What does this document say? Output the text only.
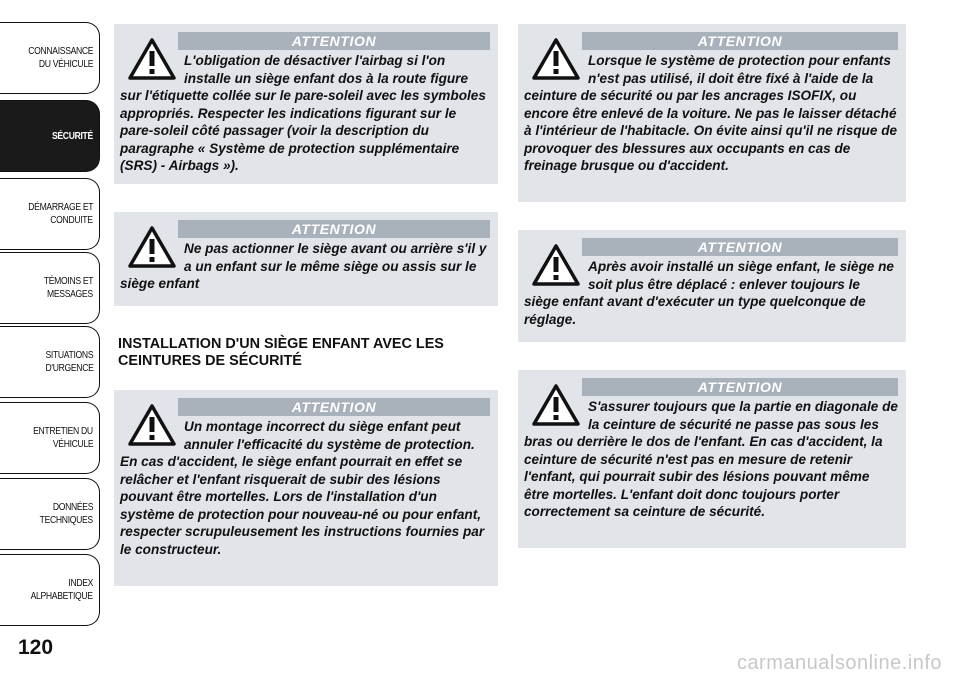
CONNAISSANCE
DU VÉHICULE
SÉCURITÉ
DÉMARRAGE ET
CONDUITE
TÉMOINS ET
MESSAGES
SITUATIONS
D'URGENCE
ENTRETIEN DU
VÉHICULE
DONNÉES
TECHNIQUES
INDEX
ALPHABETIQUE
120
ATTENTION
L'obligation de désactiver l'airbag si l'on installe un siège enfant dos à la route figure sur l'étiquette collée sur le pare-soleil avec les symboles appropriés. Respecter les indications figurant sur le pare-soleil côté passager (voir la description du paragraphe « Système de protection supplémentaire (SRS) - Airbags »).
ATTENTION
Ne pas actionner le siège avant ou arrière s'il y a un enfant sur le même siège ou assis sur le siège enfant
INSTALLATION D'UN SIÈGE ENFANT AVEC LES CEINTURES DE SÉCURITÉ
ATTENTION
Un montage incorrect du siège enfant peut annuler l'efficacité du système de protection. En cas d'accident, le siège enfant pourrait en effet se relâcher et l'enfant risquerait de subir des lésions pouvant être mortelles. Lors de l'installation d'un système de protection pour nouveau-né ou pour enfant, respecter scrupuleusement les instructions fournies par le constructeur.
ATTENTION
Lorsque le système de protection pour enfants n'est pas utilisé, il doit être fixé à l'aide de la ceinture de sécurité ou par les ancrages ISOFIX, ou encore être enlevé de la voiture. Ne pas le laisser détaché à l'intérieur de l'habitacle. On évite ainsi qu'il ne risque de provoquer des blessures aux occupants en cas de freinage brusque ou d'accident.
ATTENTION
Après avoir installé un siège enfant, le siège ne soit plus être déplacé : enlever toujours le siège enfant avant d'exécuter un type quelconque de réglage.
ATTENTION
S'assurer toujours que la partie en diagonale de la ceinture de sécurité ne passe pas sous les bras ou derrière le dos de l'enfant. En cas d'accident, la ceinture de sécurité n'est pas en mesure de retenir l'enfant, qui pourrait subir des lésions pouvant même être mortelles. L'enfant doit donc toujours porter correctement sa ceinture de sécurité.
carmanualsonline.info
